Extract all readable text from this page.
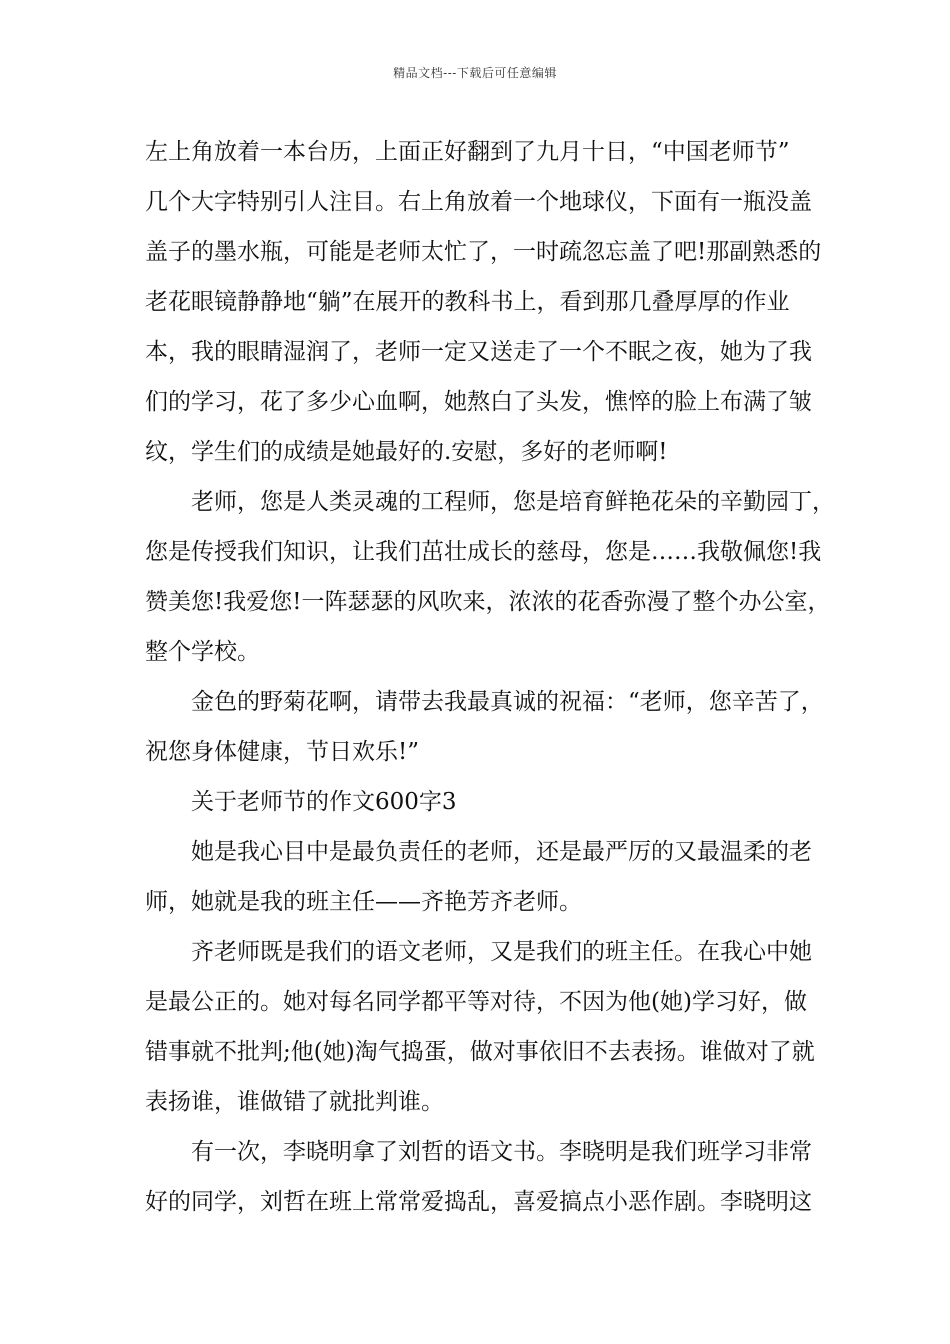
精品文档---下载后可任意编辑
左上角放着一本台历，上面正好翻到了九月十日，“中国老师节”
几个大字特别引人注目。右上角放着一个地球仪，下面有一瓶没盖
盖子的墨水瓶，可能是老师太忙了，一时疏忽忘盖了吧!那副熟悉的
老花眼镜静静地“躺”在展开的教科书上，看到那几叠厚厚的作业
本，我的眼睛湿润了，老师一定又送走了一个不眠之夜，她为了我
们的学习，花了多少心血啊，她熬白了头发，憔悴的脸上布满了皱
纹，学生们的成绩是她最好的.安慰，多好的老师啊!
　　老师，您是人类灵魂的工程师，您是培育鲜艳花朵的辛勤园丁，
您是传授我们知识，让我们茁壮成长的慈母，您是……我敬佩您!我
赞美您!我爱您!一阵瑟瑟的风吹来，浓浓的花香弥漫了整个办公室，
整个学校。
　　金色的野菊花啊，请带去我最真诚的祝福：“老师，您辛苦了，
祝您身体健康，节日欢乐!”
　　关于老师节的作文600字3
　　她是我心目中是最负责任的老师，还是最严厉的又最温柔的老
师，她就是我的班主任——齐艳芳齐老师。
　　齐老师既是我们的语文老师，又是我们的班主任。在我心中她
是最公正的。她对每名同学都平等对待，不因为他(她)学习好，做
错事就不批判;他(她)淘气捣蛋，做对事依旧不去表扬。谁做对了就
表扬谁，谁做错了就批判谁。
　　有一次，李晓明拿了刘哲的语文书。李晓明是我们班学习非常
好的同学，刘哲在班上常常爱捣乱，喜爱搞点小恶作剧。李晓明这
